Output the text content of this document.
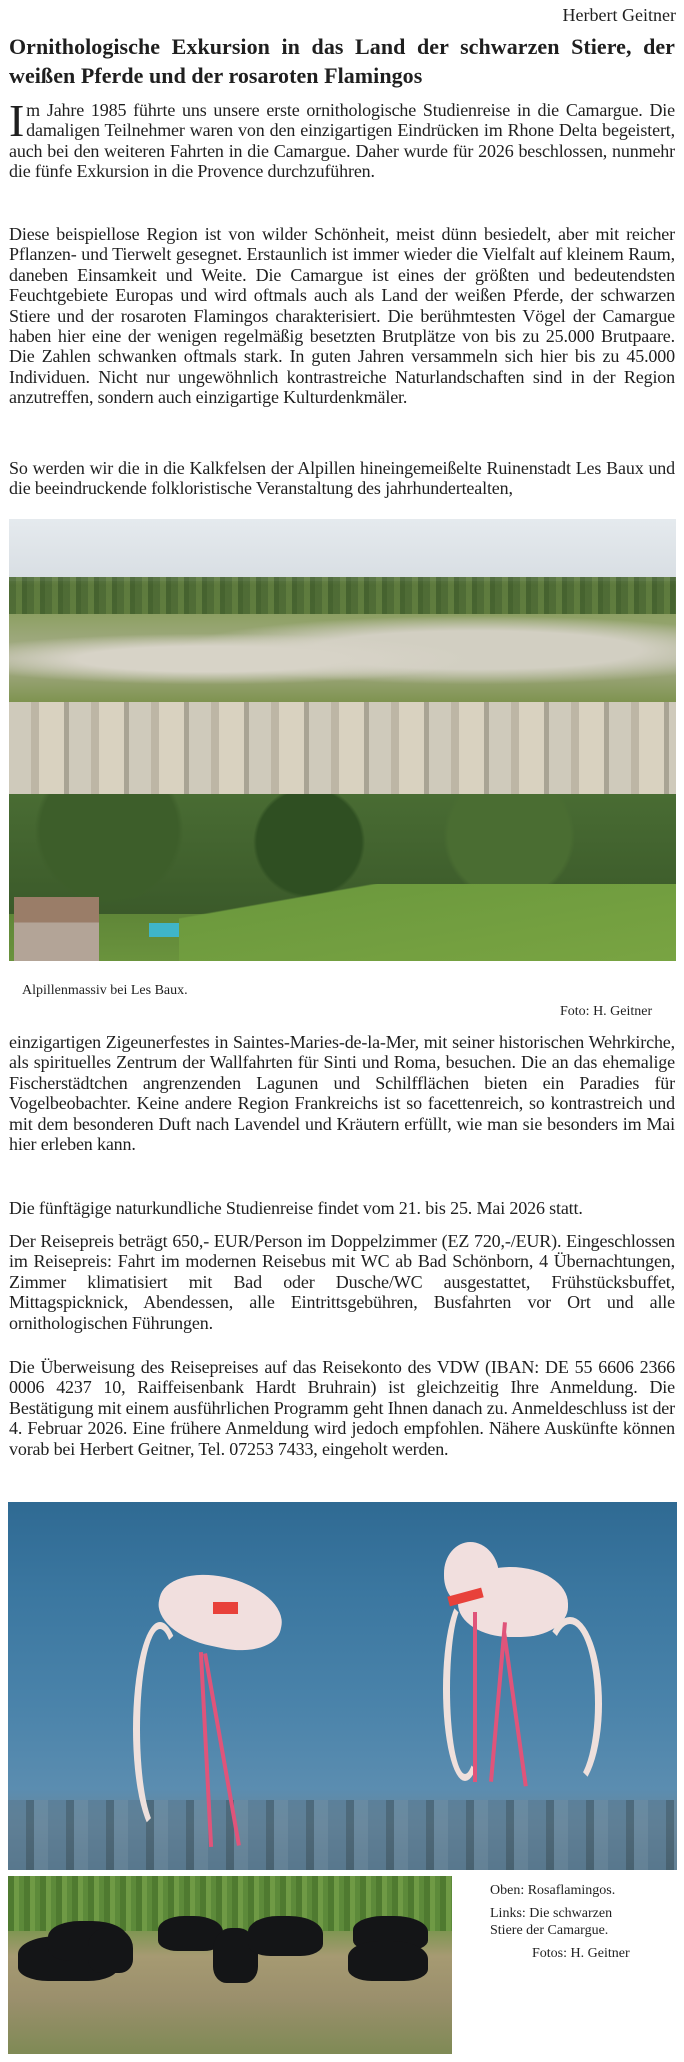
Herbert Geitner
Ornithologische Exkursion in das Land der schwarzen Stiere, der weißen Pferde und der rosaroten Flamingos

Im Jahre 1985 führte uns unsere erste ornithologische Studienreise in die Camargue. Die damaligen Teilnehmer waren von den einzigartigen Eindrücken im Rhone Delta begeistert, auch bei den weiteren Fahrten in die Camargue. Daher wurde für 2026 beschlossen, nunmehr die fünfe Exkursion in die Provence durchzuführen.

Diese beispiellose Region ist von wilder Schönheit, meist dünn besiedelt, aber mit reicher Pflanzen- und Tierwelt gesegnet. Erstaunlich ist immer wieder die Vielfalt auf kleinem Raum, daneben Einsamkeit und Weite. Die Camargue ist eines der größten und bedeutendsten Feuchtgebiete Europas und wird oftmals auch als Land der weißen Pferde, der schwarzen Stiere und der rosaroten Flamingos charakterisiert. Die berühmtesten Vögel der Camargue haben hier eine der wenigen regelmäßig besetzten Brutplätze von bis zu 25.000 Brutpaare. Die Zahlen schwanken oftmals stark. In guten Jahren versammeln sich hier bis zu 45.000 Individuen. Nicht nur ungewöhnlich kontrastreiche Naturlandschaften sind in der Region anzutreffen, sondern auch einzigartige Kulturdenkmäler.

So werden wir die in die Kalkfelsen der Alpillen hineingemeißelte Ruinenstadt Les Baux und die beeindruckende folkloristische Veranstaltung des jahrhundertealten,

Alpillenmassiv bei Les Baux.
Foto: H. Geitner

einzigartigen Zigeunerfestes in Saintes-Maries-de-la-Mer, mit seiner historischen Wehrkirche, als spirituelles Zentrum der Wallfahrten für Sinti und Roma, besuchen. Die an das ehemalige Fischerstädtchen angrenzenden Lagunen und Schilfflächen bieten ein Paradies für Vogelbeobachter. Keine andere Region Frankreichs ist so facettenreich, so kontrastreich und mit dem besonderen Duft nach Lavendel und Kräutern erfüllt, wie man sie besonders im Mai hier erleben kann.

Die fünftägige naturkundliche Studienreise findet vom 21. bis 25. Mai 2026 statt.

Der Reisepreis beträgt 650,- EUR/Person im Doppelzimmer (EZ 720,-/EUR). Eingeschlossen im Reisepreis: Fahrt im modernen Reisebus mit WC ab Bad Schönborn, 4 Übernachtungen, Zimmer klimatisiert mit Bad oder Dusche/WC ausgestattet, Frühstücksbuffet, Mittagspicknick, Abendessen, alle Eintrittsgebühren, Busfahrten vor Ort und alle ornithologischen Führungen.

Die Überweisung des Reisepreises auf das Reisekonto des VDW (IBAN: DE 55 6606 2366 0006 4237 10, Raiffeisenbank Hardt Bruhrain) ist gleichzeitig Ihre Anmeldung. Die Bestätigung mit einem ausführlichen Programm geht Ihnen danach zu. Anmeldeschluss ist der 4. Februar 2026. Eine frühere Anmeldung wird jedoch empfohlen. Nähere Auskünfte können vorab bei Herbert Geitner, Tel. 07253 7433, eingeholt werden.

Oben: Rosaflamingos.
Links: Die schwarzen
Stiere der Camargue.
Fotos: H. Geitner
